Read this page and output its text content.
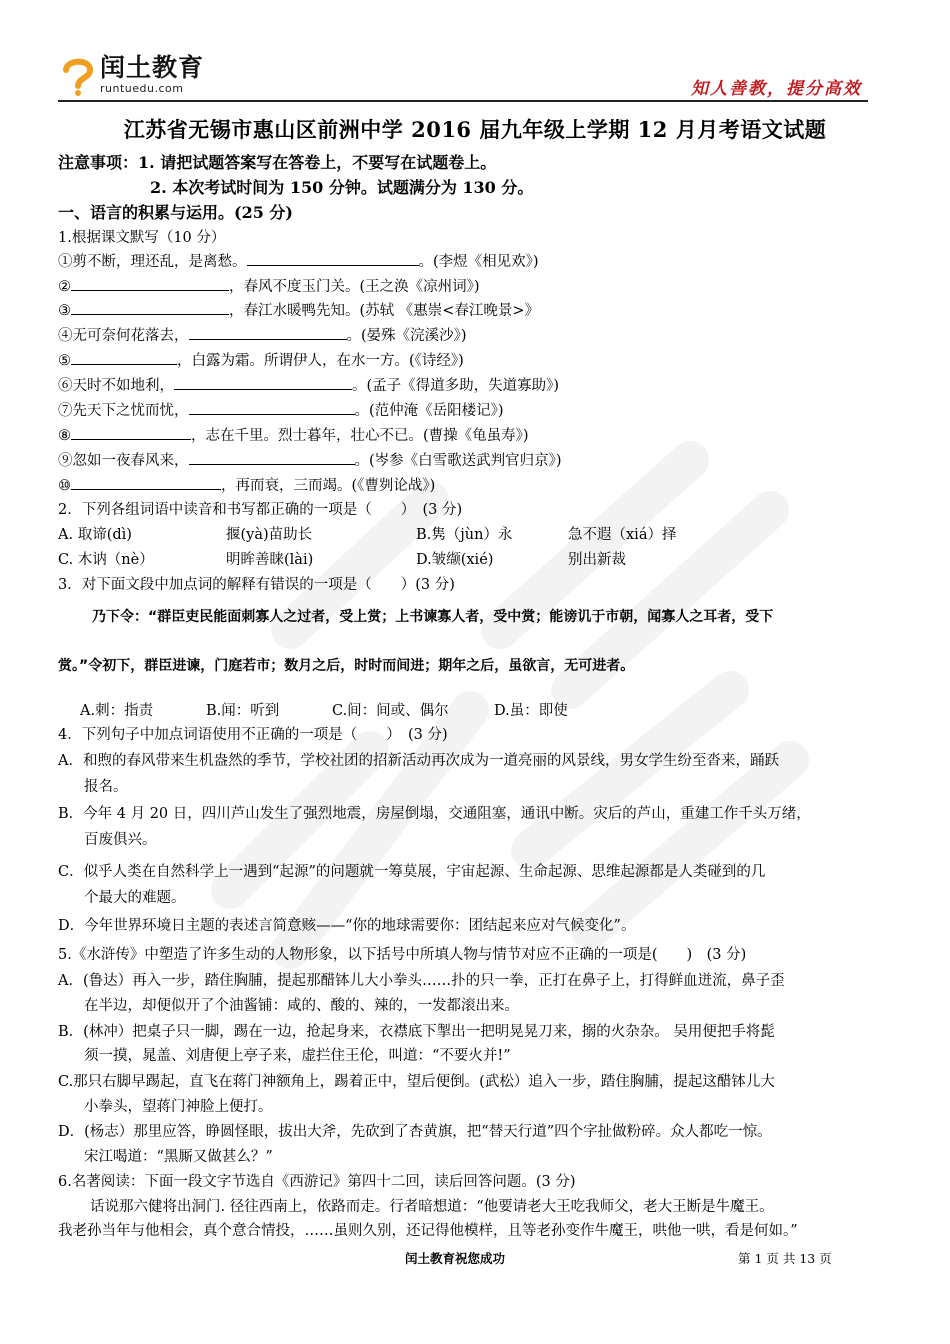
闰土教育
runtuedu.com	知人善教，提分高效
江苏省无锡市惠山区前洲中学 2016 届九年级上学期 12 月月考语文试题
注意事项：1. 请把试题答案写在答卷上，不要写在试题卷上。
2. 本次考试时间为 150 分钟。试题满分为 130 分。
一、语言的积累与运用。(25 分)
1.根据课文默写（10 分）
①剪不断，理还乱，是离愁。	。(李煜《相见欢》)
②	，春风不度玉门关。(王之涣《凉州词》)
③	，春江水暖鸭先知。(苏轼 《惠崇<春江晚景>》
④无可奈何花落去，	。(晏殊《浣溪沙》)
⑤	，白露为霜。所谓伊人，在水一方。(《诗经》)
⑥天时不如地利，	。(孟子《得道多助，失道寡助》)
⑦先天下之忧而忧，	。(范仲淹《岳阳楼记》)
⑧	，志在千里。烈士暮年，壮心不已。(曹操《龟虽寿》)
⑨忽如一夜春风来，	。(岑参《白雪歌送武判官归京》)
⑩	，再而衰，三而竭。(《曹刿论战》)
2．下列各组词语中读音和书写都正确的一项是（　　）　(3 分)
A. 取谛(dì)	揠(yà)苗助长	B.隽（jùn）永	急不遐（xiá）择
C. 木讷（nè）	明眸善睐(lài)	D.皱缬(xié)	别出新裁
3．对下面文段中加点词的解释有错误的一项是（　　）(3 分)
乃下令：“群臣吏民能面刺寡人之过者，受上赏；上书谏寡人者，受中赏；能谤讥于市朝，闻寡人之耳者，受下
赏。”令初下，群臣进谏，门庭若市；数月之后，时时而间进；期年之后，虽欲言，无可进者。
A.刺：指责	B.闻：听到	C.间：间或、偶尔	D.虽：即使
4．下列句子中加点词语使用不正确的一项是（　　）　(3 分)
A．和煦的春风带来生机盎然的季节，学校社团的招新活动再次成为一道亮丽的风景线，男女学生纷至沓来，踊跃
报名。
B．今年 4 月 20 日，四川芦山发生了强烈地震，房屋倒塌，交通阻塞，通讯中断。灾后的芦山，重建工作千头万绪，
百废俱兴。
C．似乎人类在自然科学上一遇到“起源”的问题就一筹莫展，宇宙起源、生命起源、思维起源都是人类碰到的几
个最大的难题。
D．今年世界环境日主题的表述言简意赅——“你的地球需要你：团结起来应对气候变化”。
5.《水浒传》中塑造了许多生动的人物形象，以下括号中所填人物与情节对应不正确的一项是(　　)　(3 分)
A．(鲁达）再入一步，踏住胸脯，提起那醋钵儿大小拳头……扑的只一拳，正打在鼻子上，打得鲜血迸流，鼻子歪
在半边，却便似开了个油酱铺：咸的、酸的、辣的，一发都滚出来。
B．(林冲）把桌子只一脚，踢在一边，抢起身来，衣襟底下掣出一把明晃晃刀来，搦的火杂杂。 吴用便把手将髭
须一摸，晁盖、刘唐便上亭子来，虚拦住王伦，叫道：“不要火并!”
C.那只右脚早踢起，直飞在蒋门神额角上，踢着正中，望后便倒。(武松）追入一步，踏住胸脯，提起这醋钵儿大
小拳头，望蒋门神脸上便打。
D．(杨志）那里应答，睁圆怪眼，拔出大斧，先砍到了杏黄旗，把“替天行道”四个字扯做粉碎。众人都吃一惊。
宋江喝道：“黑厮又做甚么？”
6.名著阅读：下面一段文字节选自《西游记》第四十二回，读后回答问题。(3 分)
话说那六健将出洞门. 径往西南上，依路而走。行者暗想道：“他要请老大王吃我师父，老大王断是牛魔王。
我老孙当年与他相会，真个意合情投，……虽则久别，还记得他模样，且等老孙变作牛魔王，哄他一哄，看是何如。”
闰土教育祝您成功	第 1 页 共 13 页
